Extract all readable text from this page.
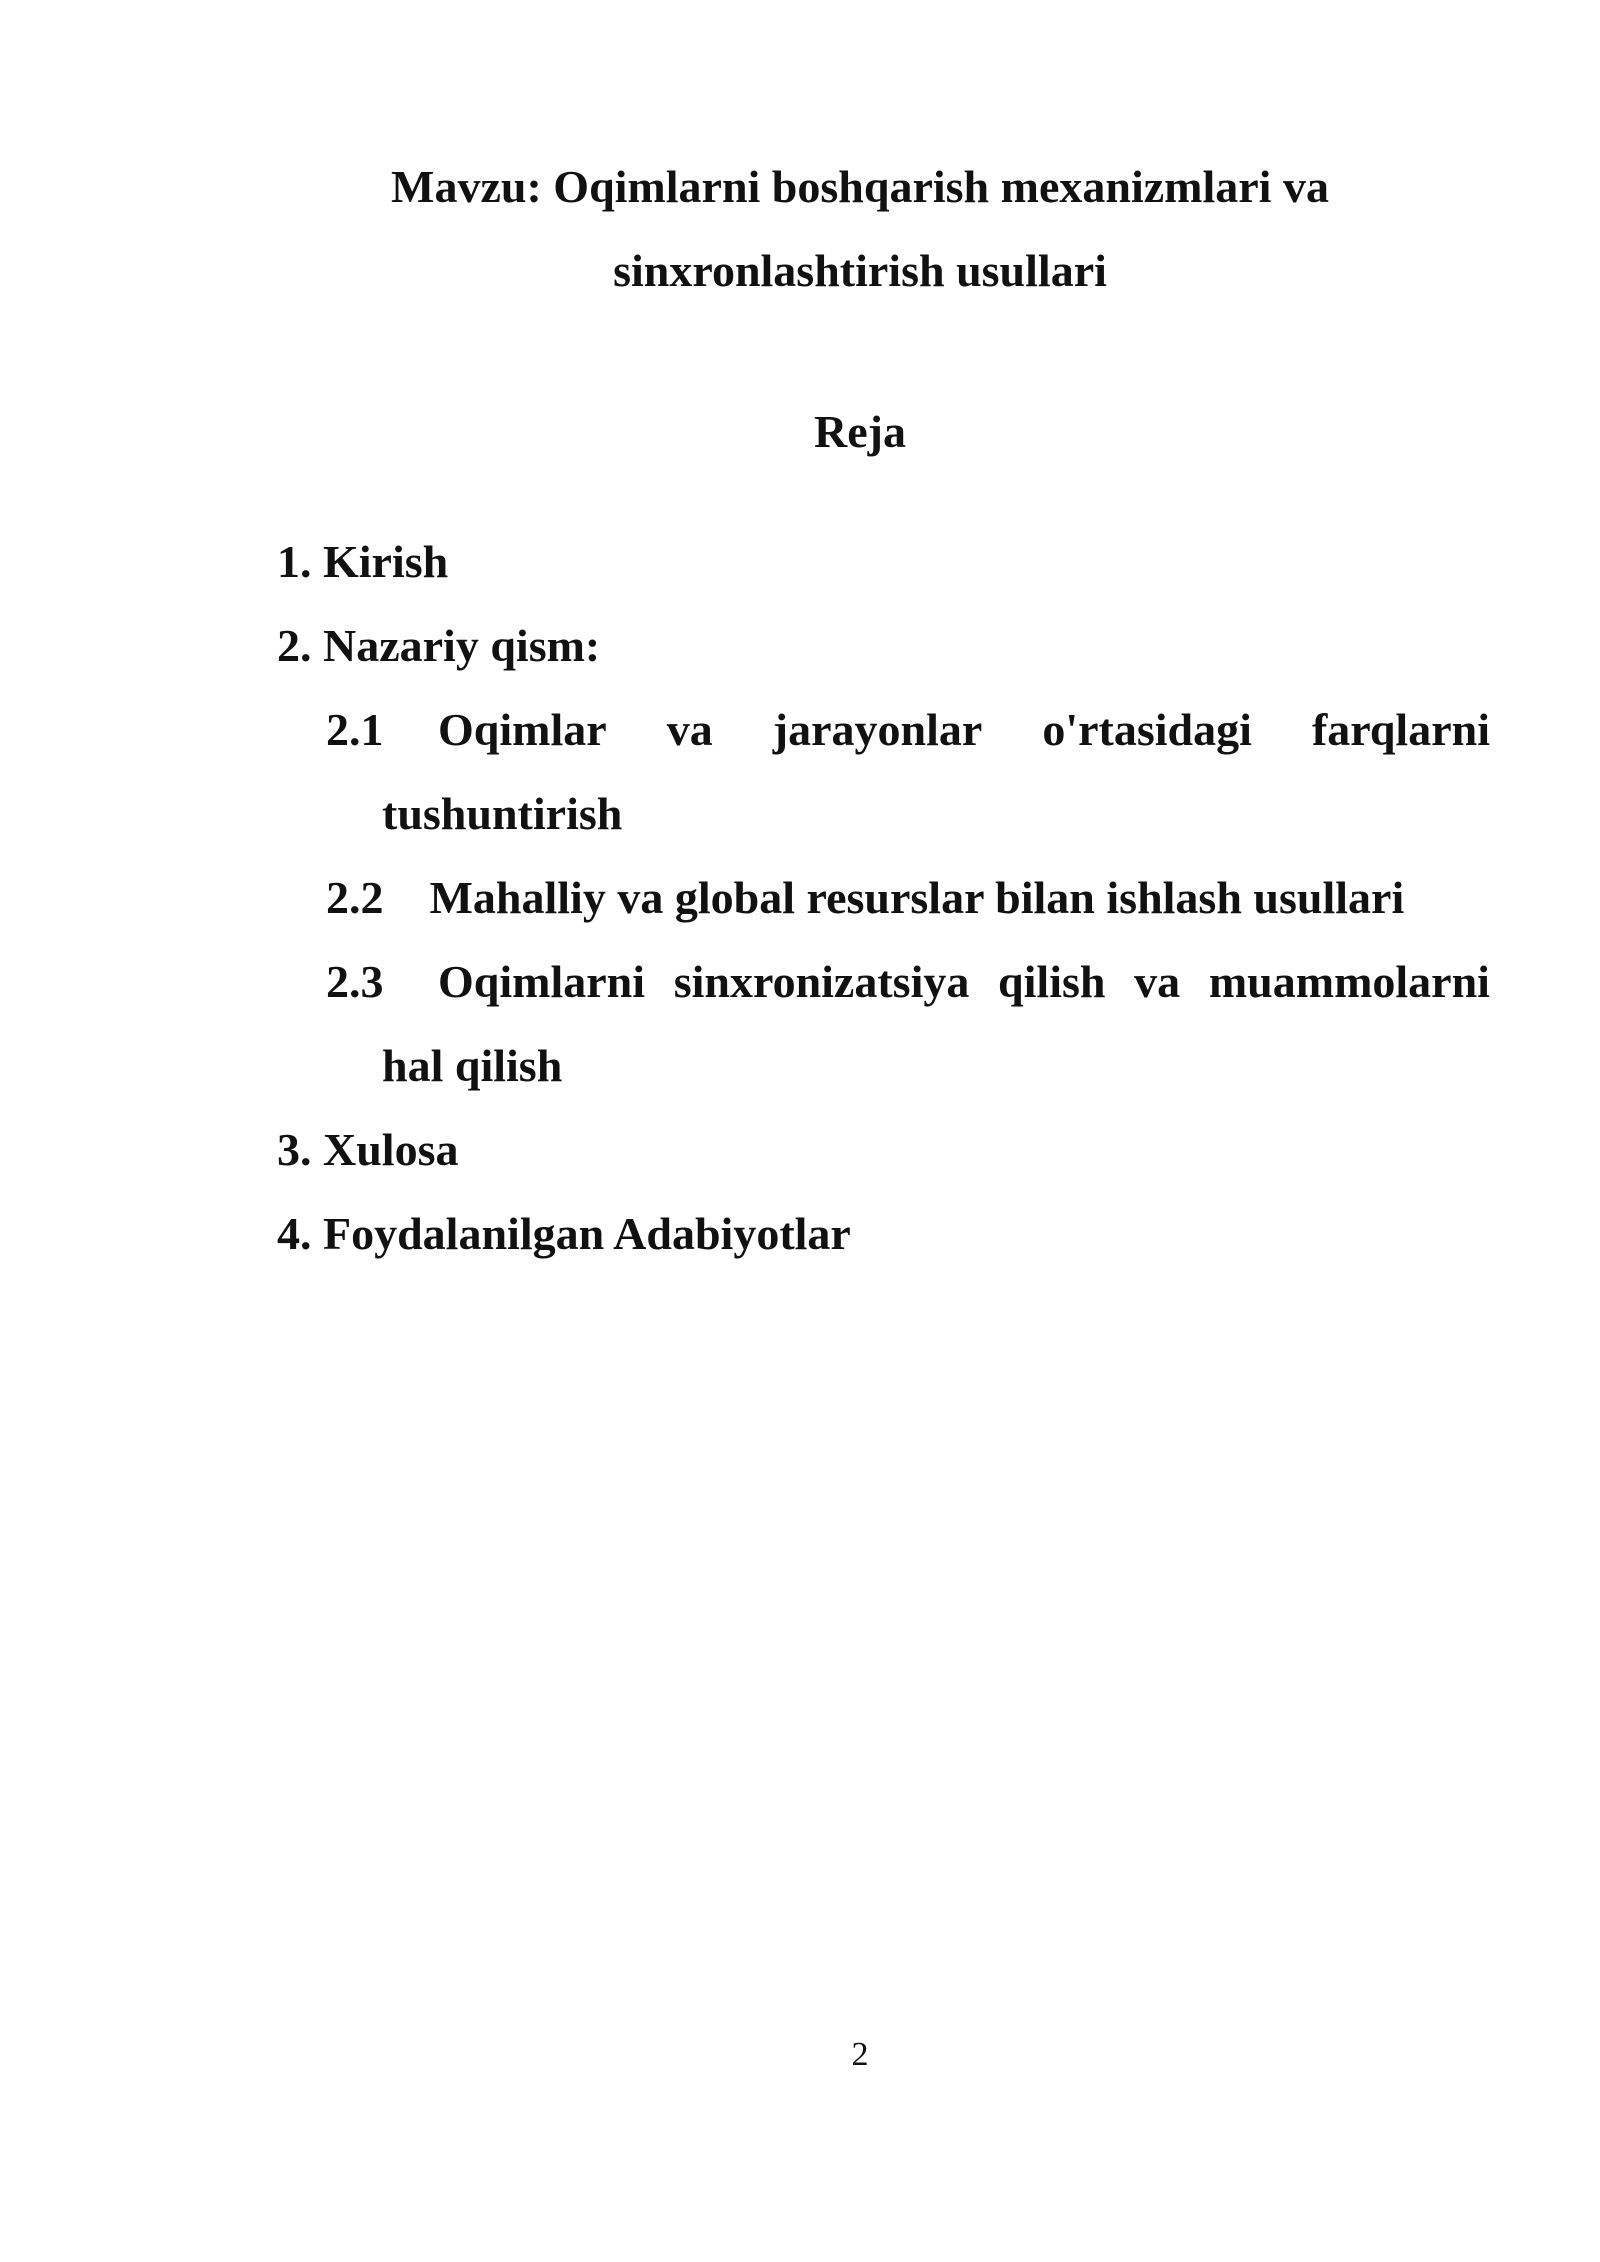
Mavzu: Oqimlarni boshqarish mexanizmlari va
sinxronlashtirish usullari
Reja
1. Kirish
2. Nazariy qism:
2.1	Oqimlar va jarayonlar o'rtasidagi farqlarni
tushuntirish
2.2 Mahalliy va global resurslar bilan ishlash usullari
2.3	Oqimlarni sinxronizatsiya qilish va muammolarni
hal qilish
3. Xulosa
4. Foydalanilgan Adabiyotlar
2
